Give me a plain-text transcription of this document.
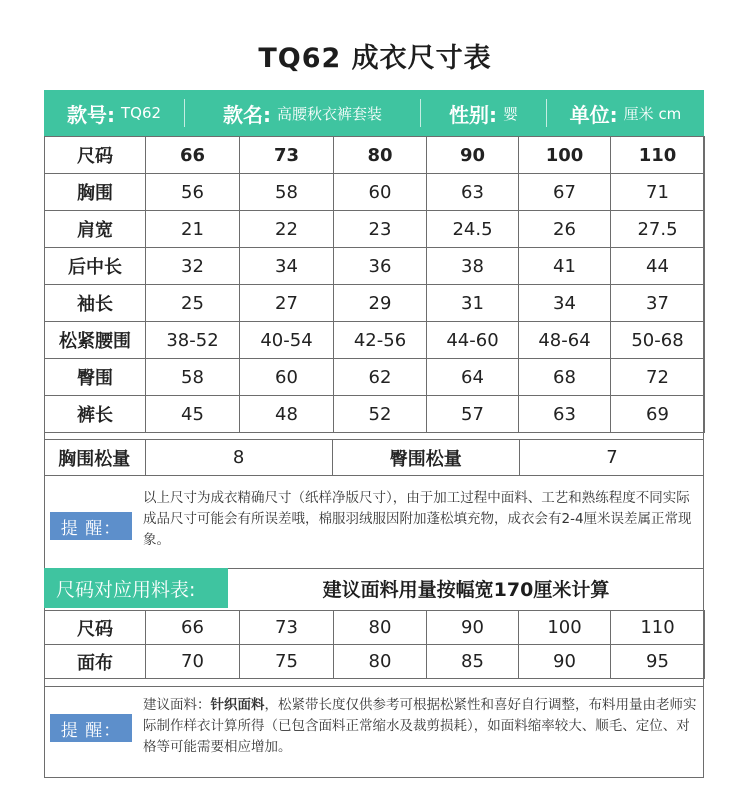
TQ62 成衣尺寸表
款号: TQ62	款名: 高腰秋衣裤套装	性别: 婴	单位: 厘米 cm
尺码	66	73	80	90	100	110
胸围	56	58	60	63	67	71
肩宽	21	22	23	24.5	26	27.5
后中长	32	34	36	38	41	44
袖长	25	27	29	31	34	37
松紧腰围	38-52	40-54	42-56	44-60	48-64	50-68
臀围	58	60	62	64	68	72
裤长	45	48	52	57	63	69
胸围松量	8	臀围松量	7
提 醒：
以上尺寸为成衣精确尺寸（纸样净版尺寸），由于加工过程中面料、工艺和熟练程度不同实际成品尺寸可能会有所误差哦，棉服羽绒服因附加蓬松填充物，成衣会有2-4厘米误差属正常现象。
尺码对应用料表:	建议面料用量按幅宽170厘米计算
尺码	66	73	80	90	100	110
面布	70	75	80	85	90	95
提 醒：
建议面料：针织面料，松紧带长度仅供参考可根据松紧性和喜好自行调整，布料用量由老师实际制作样衣计算所得（已包含面料正常缩水及裁剪损耗），如面料缩率较大、顺毛、定位、对格等可能需要相应增加。
